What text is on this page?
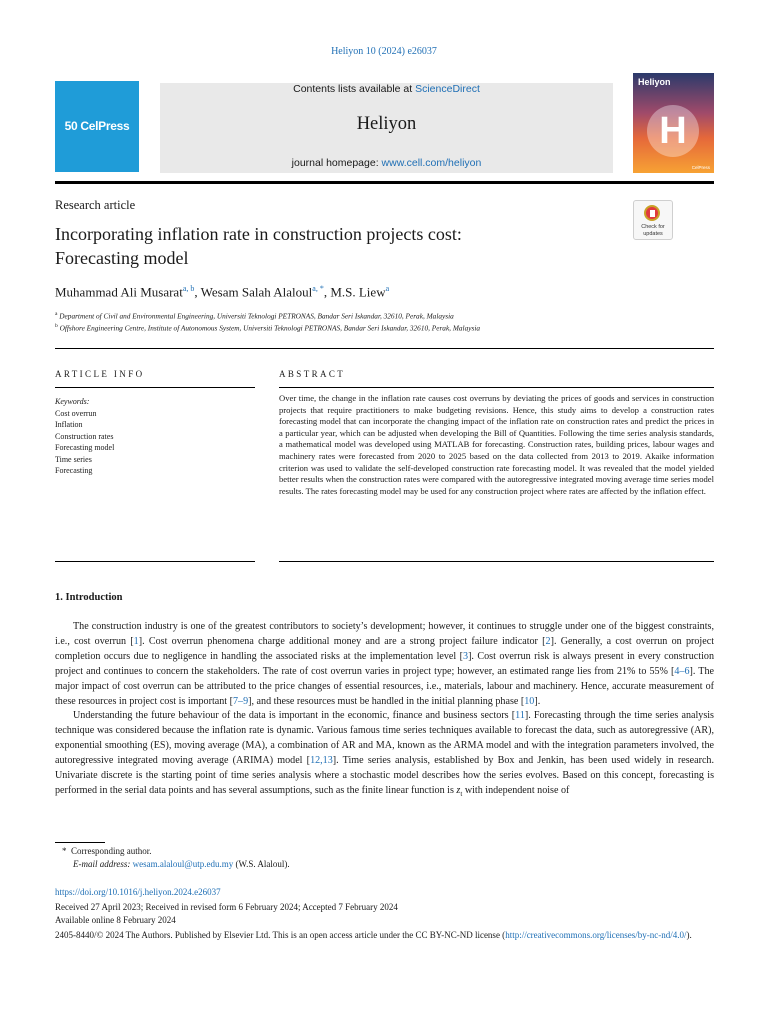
Heliyon 10 (2024) e26037
50 CelPress
Contents lists available at ScienceDirect
Heliyon
journal homepage: www.cell.com/heliyon
Heliyon
H
CelPress
Research article
Check for updates
Incorporating inflation rate in construction projects cost:
Forecasting model
Muhammad Ali Musarat$^{a, b}$, Wesam Salah Alaloul$^{a, *}$, M.S. Liew$^a$
$^a$ Department of Civil and Environmental Engineering, Universiti Teknologi PETRONAS, Bandar Seri Iskandar, 32610, Perak, Malaysia
$^b$ Offshore Engineering Centre, Institute of Autonomous System, Universiti Teknologi PETRONAS, Bandar Seri Iskandar, 32610, Perak, Malaysia
ARTICLE INFO	ABSTRACT
Keywords:
Cost overrun
Inflation
Construction rates
Forecasting model
Time series
Forecasting
Over time, the change in the inflation rate causes cost overruns by deviating the prices of goods and services in construction projects that require practitioners to make budgeting revisions. Hence, this study aims to develop a construction rates forecasting model that can incorporate the changing impact of the inflation rate on construction rates and predict the prices in a particular year, which can be adjusted when developing the Bill of Quantities. Following the time series analysis standards, a mathematical model was developed using MATLAB for forecasting. Construction rates, building prices, labour wages and machinery rates were forecasted from 2020 to 2025 based on the data collected from 2013 to 2019. Akaike information criterion was used to validate the self-developed construction rate forecasting model. It was revealed that the model yielded better results when the construction rates were compared with the autoregressive integrated moving average time series model results. The rates forecasting model may be used for any construction project where rates are affected by the inflation effect.
1. Introduction

The construction industry is one of the greatest contributors to society’s development; however, it continues to struggle under one of the biggest constraints, i.e., cost overrun [1]. Cost overrun phenomena charge additional money and are a strong project failure indicator [2]. Generally, a cost overrun on project completion occurs due to negligence in handling the associated risks at the implementation level [3]. Cost overrun risk is always present in every construction project and continues to concern the stakeholders. The rate of cost overrun varies in project type; however, an estimated range lies from 21% to 55% [4–6]. The major impact of cost overrun can be attributed to the price changes of essential resources, i.e., materials, labour and machinery. Hence, accurate measurement of these resources in project cost is important [7–9], and these resources must be handled in the initial planning phase [10].

Understanding the future behaviour of the data is important in the economic, finance and business sectors [11]. Forecasting through the time series analysis technique was considered because the inflation rate is dynamic. Various famous time series techniques available to forecast the data, such as autoregressive (AR), exponential smoothing (ES), moving average (MA), a combination of AR and MA, known as the ARMA model and with the integration parameters involved, the autoregressive integrated moving average (ARIMA) model [12,13]. Time series analysis, established by Box and Jenkin, has been used widely in research. Univariate discrete is the starting point of time series analysis where a stochastic model describes how the series evolves. Based on this concept, forecasting is performed in the serial data points and has several assumptions, such as the finite linear function is $z_t$ with independent noise of

* Corresponding author.
E-mail address: wesam.alaloul@utp.edu.my (W.S. Alaloul).
https://doi.org/10.1016/j.heliyon.2024.e26037
Received 27 April 2023; Received in revised form 6 February 2024; Accepted 7 February 2024
Available online 8 February 2024
2405-8440/© 2024 The Authors. Published by Elsevier Ltd. This is an open access article under the CC BY-NC-ND license (http://creativecommons.org/licenses/by-nc-nd/4.0/).
